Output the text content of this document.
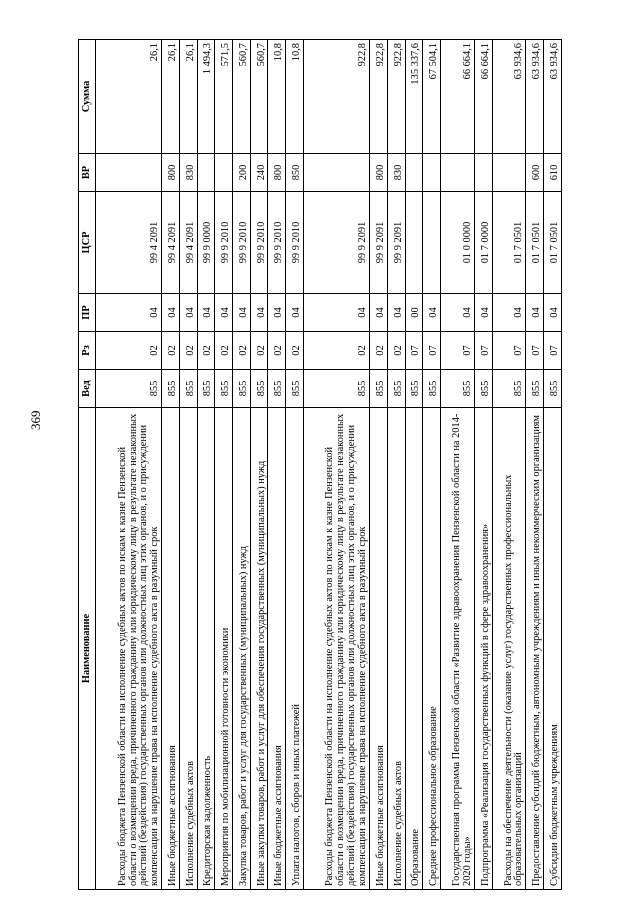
369
Наименование	Вед	Рз	ПР	ЦСР	ВР	Сумма
Расходы бюджета Пензенской области на исполнение судебных актов по искам к казне Пензенской области о возмещении вреда, причиненного гражданину или юридическому лицу в результате незаконных действий (бездействия) государственных органов или должностных лиц этих органов, и о присуждении компенсации за нарушение права на исполнение судебного акта в разумный срок	855	02	04	99 4 2091		26,1
Иные бюджетные ассигнования	855	02	04	99 4 2091	800	26,1
Исполнение судебных актов	855	02	04	99 4 2091	830	26,1
Кредиторская задолженность	855	02	04	99 9 0000		1 494,3
Мероприятия по мобилизационной готовности экономики	855	02	04	99 9 2010		571,5
Закупка товаров, работ и услуг для государственных (муниципальных) нужд	855	02	04	99 9 2010	200	560,7
Иные закупки товаров, работ и услуг для обеспечения государственных (муниципальных) нужд	855	02	04	99 9 2010	240	560,7
Иные бюджетные ассигнования	855	02	04	99 9 2010	800	10,8
Уплата налогов, сборов и иных платежей	855	02	04	99 9 2010	850	10,8
Расходы бюджета Пензенской области на исполнение судебных актов по искам к казне Пензенской области о возмещении вреда, причиненного гражданину или юридическому лицу в результате незаконных действий (бездействия) государственных органов или должностных лиц этих органов, и о присуждении компенсации за нарушение права на исполнение судебного акта в разумный срок	855	02	04	99 9 2091		922,8
Иные бюджетные ассигнования	855	02	04	99 9 2091	800	922,8
Исполнение судебных актов	855	02	04	99 9 2091	830	922,8
Образование	855	07	00			135 337,6
Среднее профессиональное образование	855	07	04			67 504,1
Государственная программа Пензенской области «Развитие здравоохранения Пензенской области на 2014-2020 годы»	855	07	04	01 0 0000		66 664,1
Подпрограмма «Реализация государственных функций в сфере здравоохранения»	855	07	04	01 7 0000		66 664,1
Расходы на обеспечение деятельности (оказание услуг) государственных профессиональных образовательных организаций	855	07	04	01 7 0501		63 934,6
Предоставление субсидий бюджетным, автономным учреждениям и иным некоммерческим организациям	855	07	04	01 7 0501	600	63 934,6
Субсидии бюджетным учреждениям	855	07	04	01 7 0501	610	63 934,6
